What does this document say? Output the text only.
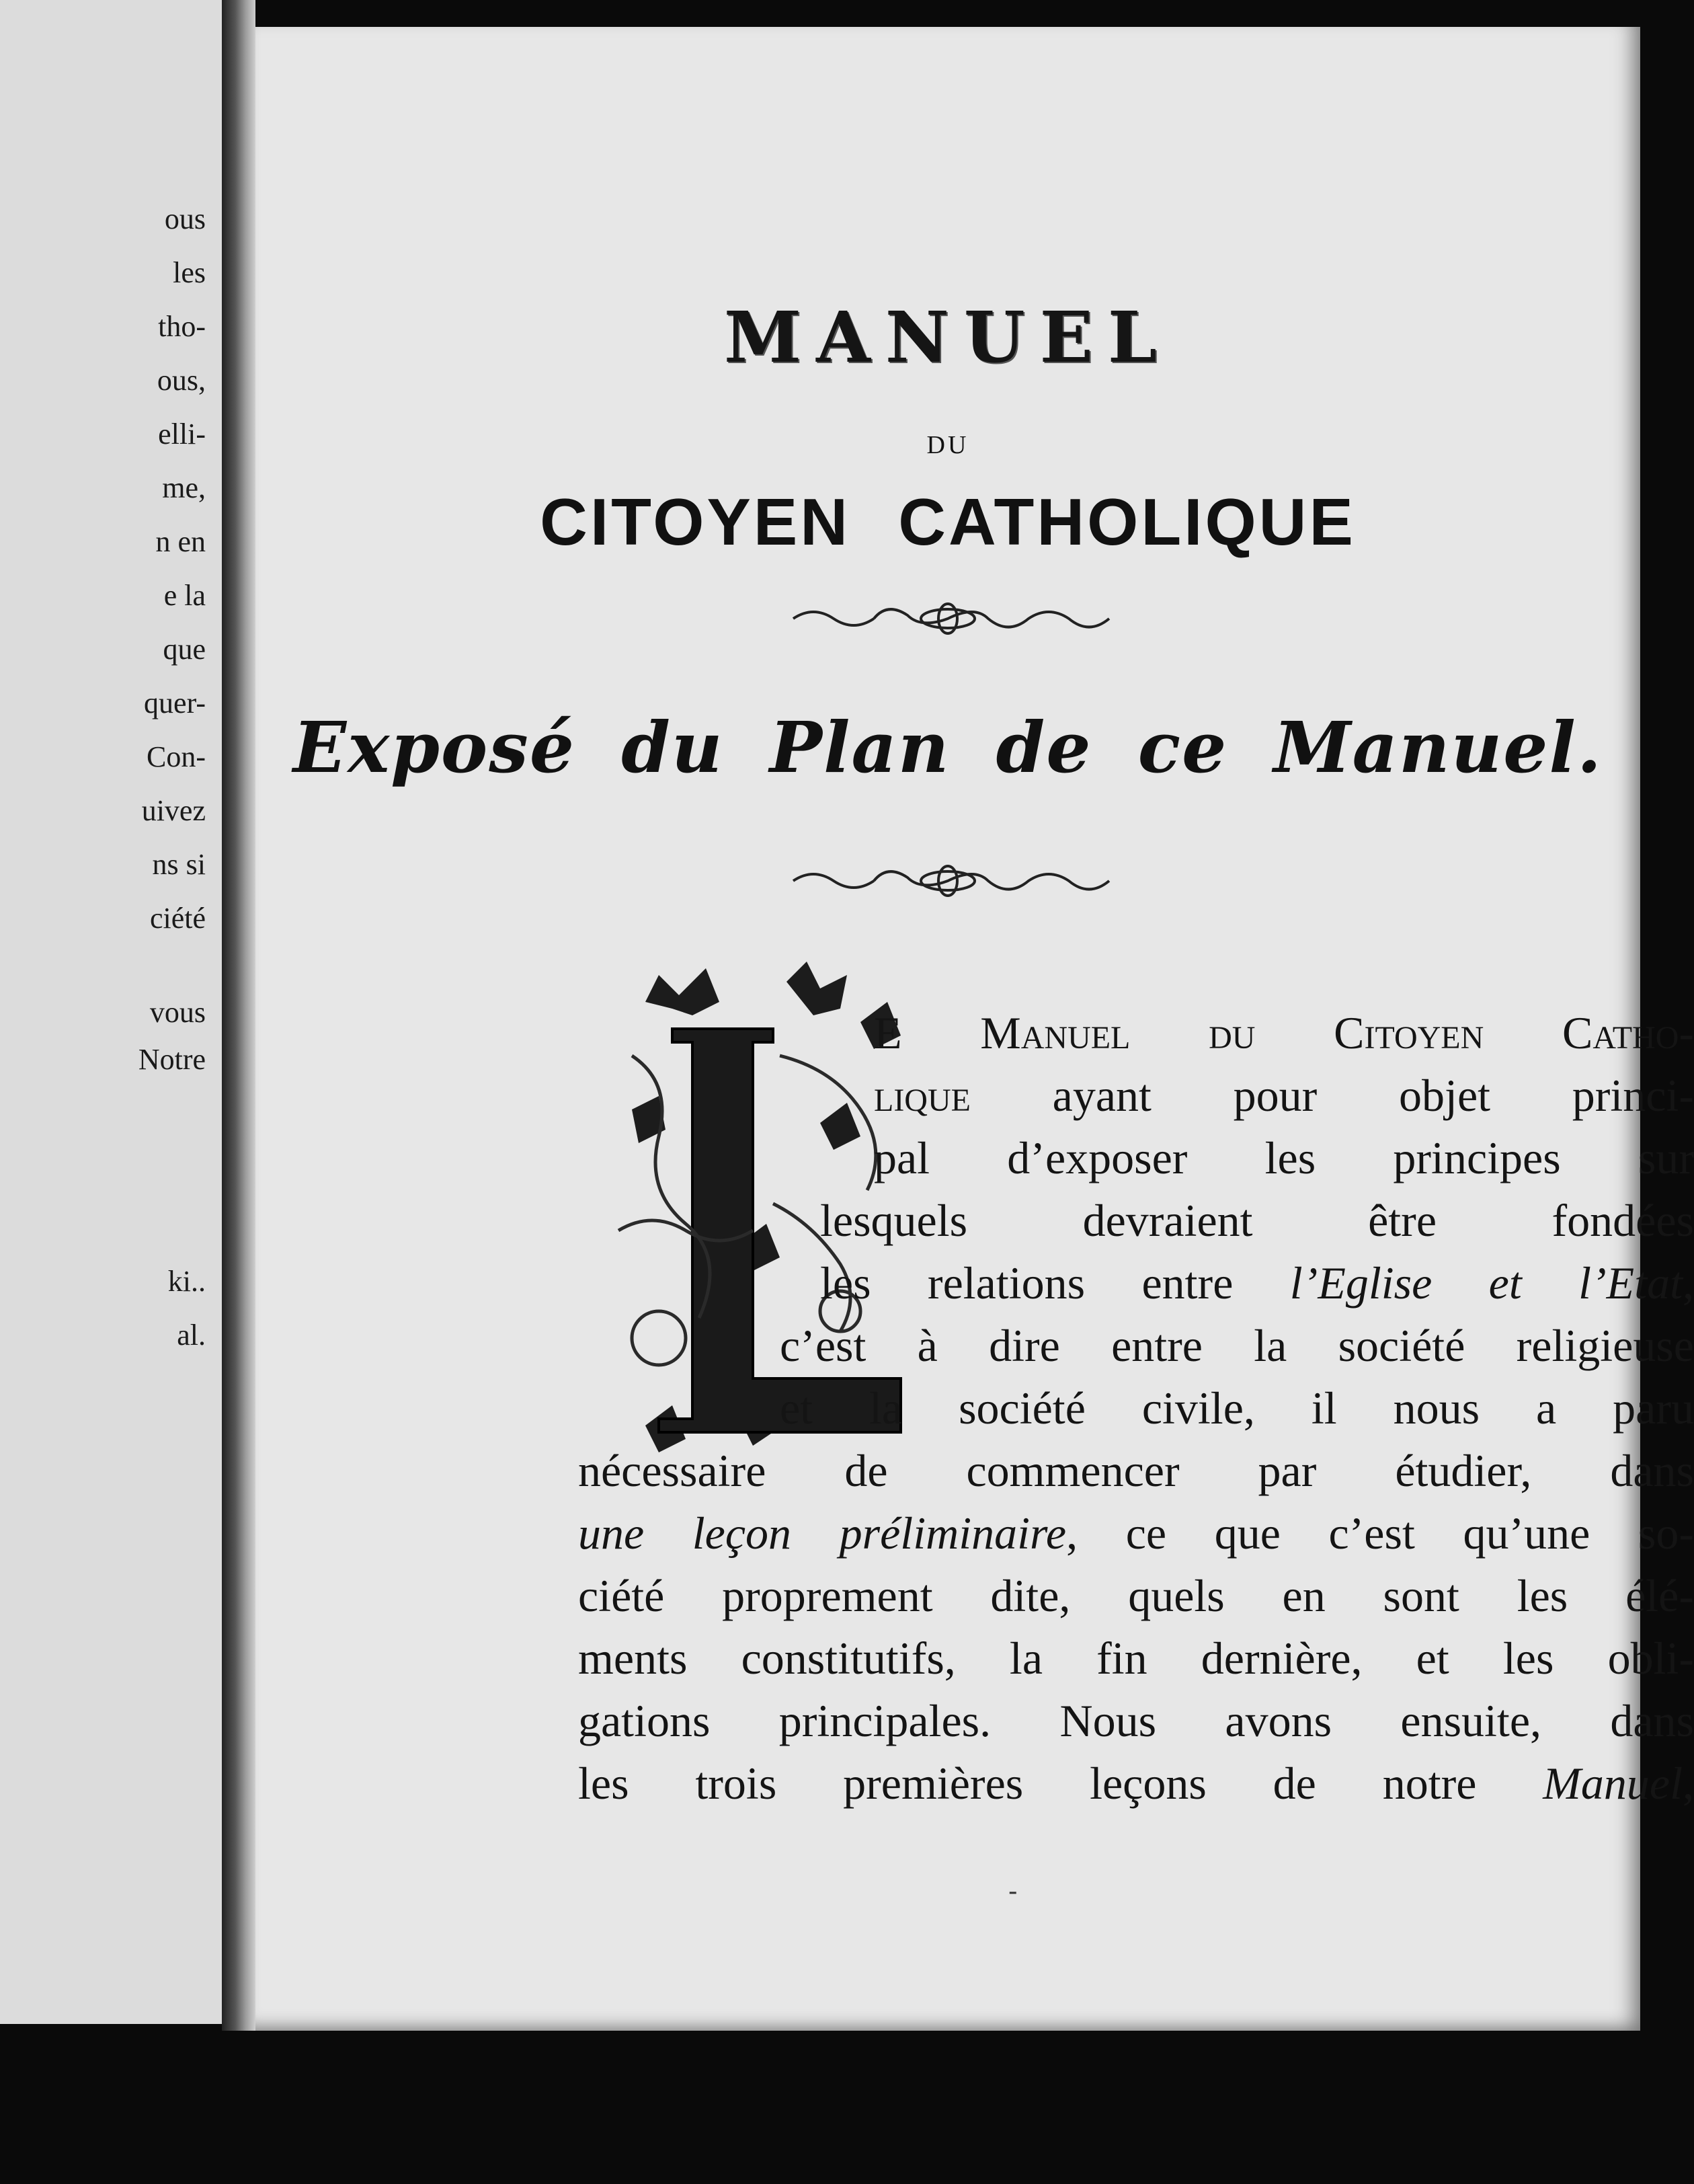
ous
les
tho-
ous,
elli-
me,
n en
e la
que
quer-
Con-
uivez
ns si
ciété
vous
Notre
ki..
al.
MANUEL
DU
CITOYEN CATHOLIQUE
Exposé du Plan de ce Manuel.
L
E Manuel du Citoyen Catho-
lique ayant pour objet princi-
pal d’exposer les principes sur
lesquels devraient être fondées
les relations entre l’Eglise et l’Etat,
c’est à dire entre la société religieuse
et la société civile, il nous a paru
nécessaire de commencer par étudier, dans
une leçon préliminaire, ce que c’est qu’une so-
ciété proprement dite, quels en sont les élé-
ments constitutifs, la fin dernière, et les obli-
gations principales. Nous avons ensuite, dans
les trois premières leçons de notre Manuel,
-
